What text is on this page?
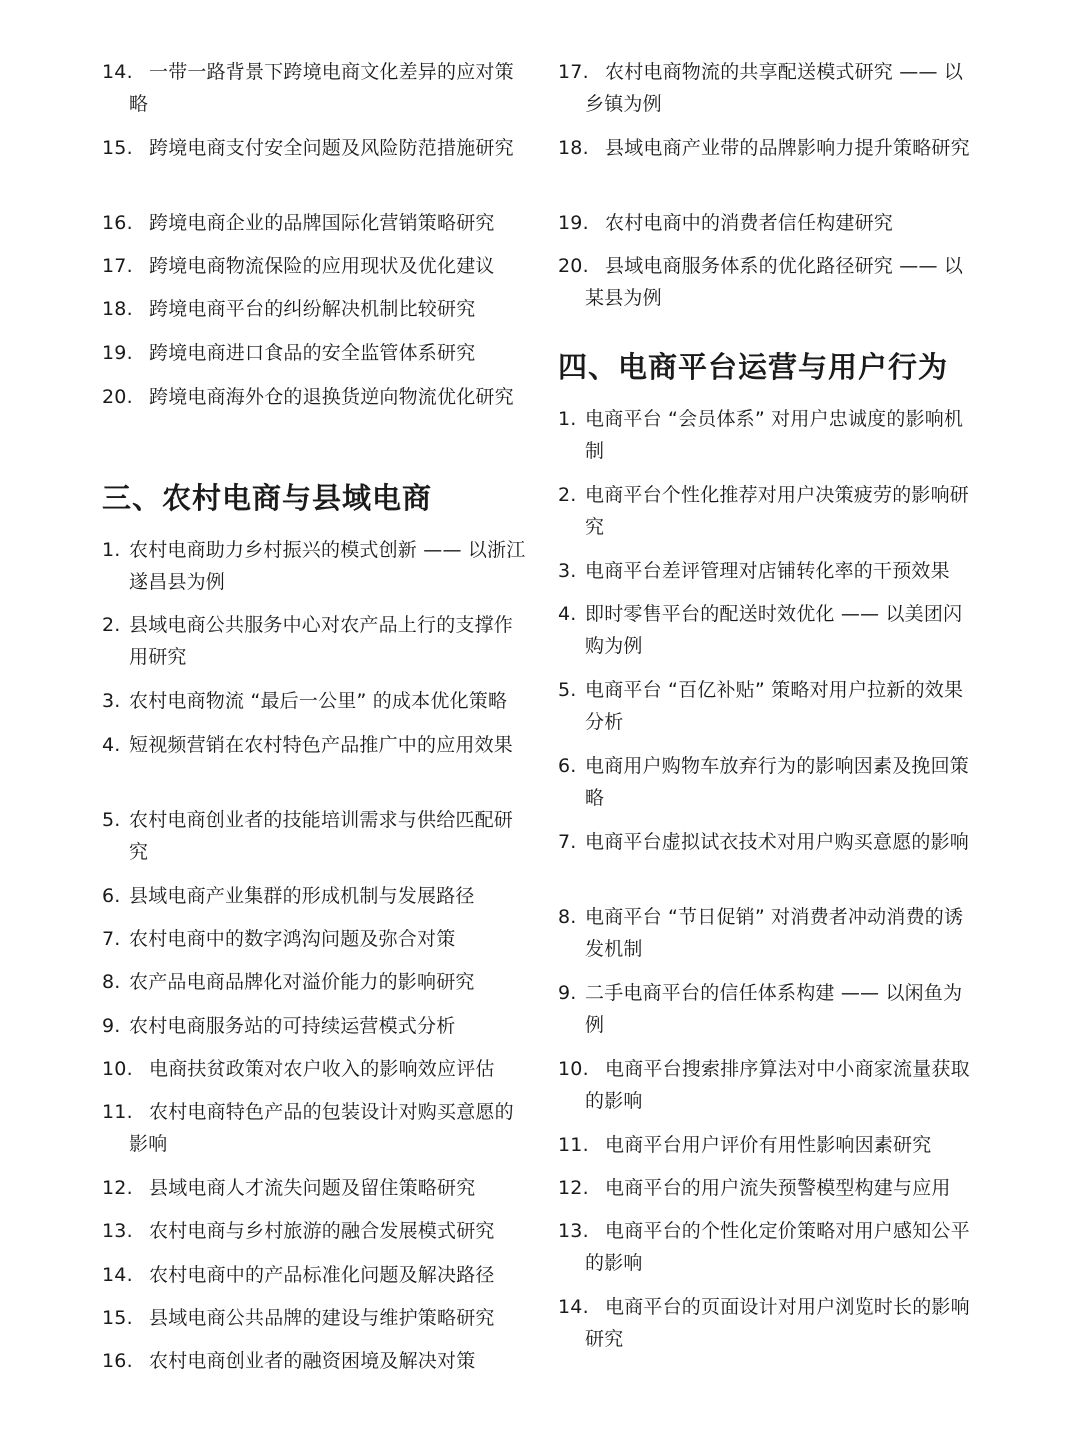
14. 一带一路背景下跨境电商文化差异的应对策略
15. 跨境电商支付安全问题及风险防范措施研究
16. 跨境电商企业的品牌国际化营销策略研究
17. 跨境电商物流保险的应用现状及优化建议
18. 跨境电商平台的纠纷解决机制比较研究
19. 跨境电商进口食品的安全监管体系研究
20. 跨境电商海外仓的退换货逆向物流优化研究
三、农村电商与县域电商
1. 农村电商助力乡村振兴的模式创新 —— 以浙江遂昌县为例
2. 县域电商公共服务中心对农产品上行的支撑作用研究
3. 农村电商物流 “最后一公里” 的成本优化策略
4. 短视频营销在农村特色产品推广中的应用效果
5. 农村电商创业者的技能培训需求与供给匹配研究
6. 县域电商产业集群的形成机制与发展路径
7. 农村电商中的数字鸿沟问题及弥合对策
8. 农产品电商品牌化对溢价能力的影响研究
9. 农村电商服务站的可持续运营模式分析
10. 电商扶贫政策对农户收入的影响效应评估
11. 农村电商特色产品的包装设计对购买意愿的影响
12. 县域电商人才流失问题及留住策略研究
13. 农村电商与乡村旅游的融合发展模式研究
14. 农村电商中的产品标准化问题及解决路径
15. 县域电商公共品牌的建设与维护策略研究
16. 农村电商创业者的融资困境及解决对策
17. 农村电商物流的共享配送模式研究 —— 以乡镇为例
18. 县域电商产业带的品牌影响力提升策略研究
19. 农村电商中的消费者信任构建研究
20. 县域电商服务体系的优化路径研究 —— 以某县为例
四、电商平台运营与用户行为
1. 电商平台 “会员体系” 对用户忠诚度的影响机制
2. 电商平台个性化推荐对用户决策疲劳的影响研究
3. 电商平台差评管理对店铺转化率的干预效果
4. 即时零售平台的配送时效优化 —— 以美团闪购为例
5. 电商平台 “百亿补贴” 策略对用户拉新的效果分析
6. 电商用户购物车放弃行为的影响因素及挽回策略
7. 电商平台虚拟试衣技术对用户购买意愿的影响
8. 电商平台 “节日促销” 对消费者冲动消费的诱发机制
9. 二手电商平台的信任体系构建 —— 以闲鱼为例
10. 电商平台搜索排序算法对中小商家流量获取的影响
11. 电商平台用户评价有用性影响因素研究
12. 电商平台的用户流失预警模型构建与应用
13. 电商平台的个性化定价策略对用户感知公平的影响
14. 电商平台的页面设计对用户浏览时长的影响研究
